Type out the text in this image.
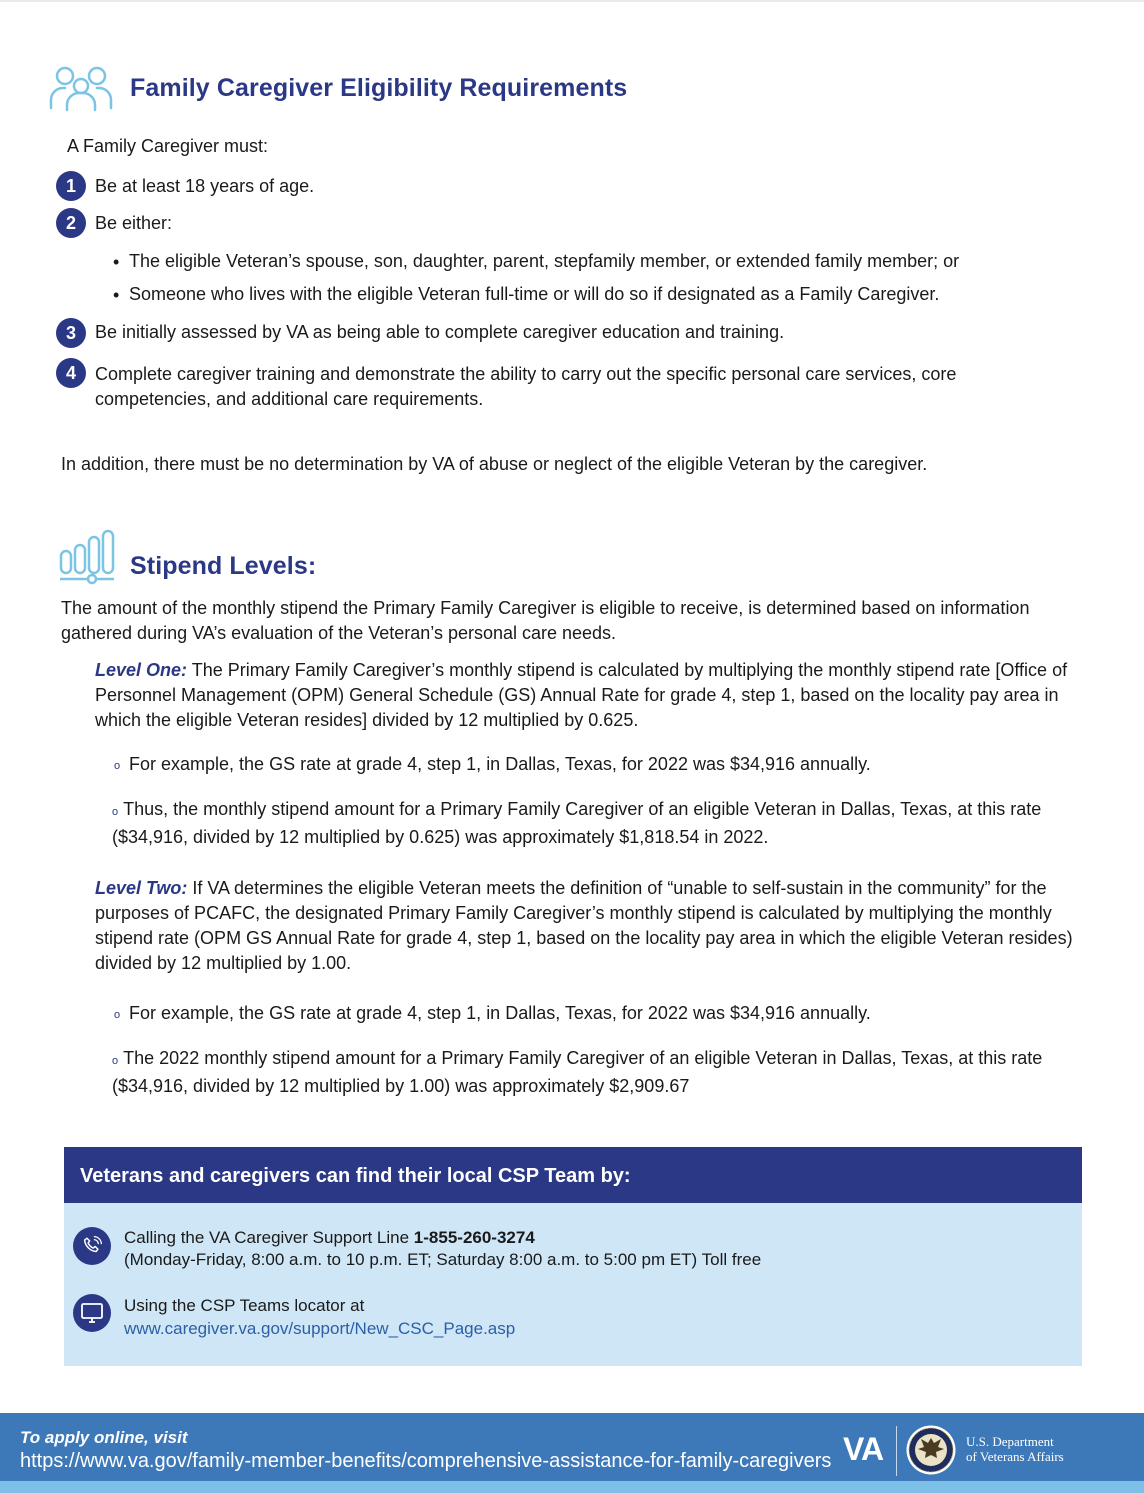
Family Caregiver Eligibility Requirements
A Family Caregiver must:
1	Be at least 18 years of age.
2	Be either:
• The eligible Veteran’s spouse, son, daughter, parent, stepfamily member, or extended family member; or
• Someone who lives with the eligible Veteran full-time or will do so if designated as a Family Caregiver.
3	Be initially assessed by VA as being able to complete caregiver education and training.
4	Complete caregiver training and demonstrate the ability to carry out the specific personal care services, core competencies, and additional care requirements.
In addition, there must be no determination by VA of abuse or neglect of the eligible Veteran by the caregiver.
Stipend Levels:
The amount of the monthly stipend the Primary Family Caregiver is eligible to receive, is determined based on information gathered during VA’s evaluation of the Veteran’s personal care needs.
Level One: The Primary Family Caregiver’s monthly stipend is calculated by multiplying the monthly stipend rate [Office of Personnel Management (OPM) General Schedule (GS) Annual Rate for grade 4, step 1, based on the locality pay area in which the eligible Veteran resides] divided by 12 multiplied by 0.625.
o For example, the GS rate at grade 4, step 1, in Dallas, Texas, for 2022 was $34,916 annually.
o Thus, the monthly stipend amount for a Primary Family Caregiver of an eligible Veteran in Dallas, Texas, at this rate ($34,916, divided by 12 multiplied by 0.625) was approximately $1,818.54 in 2022.
Level Two: If VA determines the eligible Veteran meets the definition of “unable to self-sustain in the community” for the purposes of PCAFC, the designated Primary Family Caregiver’s monthly stipend is calculated by multiplying the monthly stipend rate (OPM GS Annual Rate for grade 4, step 1, based on the locality pay area in which the eligible Veteran resides) divided by 12 multiplied by 1.00.
o For example, the GS rate at grade 4, step 1, in Dallas, Texas, for 2022 was $34,916 annually.
o The 2022 monthly stipend amount for a Primary Family Caregiver of an eligible Veteran in Dallas, Texas, at this rate ($34,916, divided by 12 multiplied by 1.00) was approximately $2,909.67
Veterans and caregivers can find their local CSP Team by:
Calling the VA Caregiver Support Line 1-855-260-3274
(Monday-Friday, 8:00 a.m. to 10 p.m. ET; Saturday 8:00 a.m. to 5:00 pm ET) Toll free
Using the CSP Teams locator at
www.caregiver.va.gov/support/New_CSC_Page.asp
To apply online, visit
https://www.va.gov/family-member-benefits/comprehensive-assistance-for-family-caregivers VA	U.S. Department
of Veterans Affairs
